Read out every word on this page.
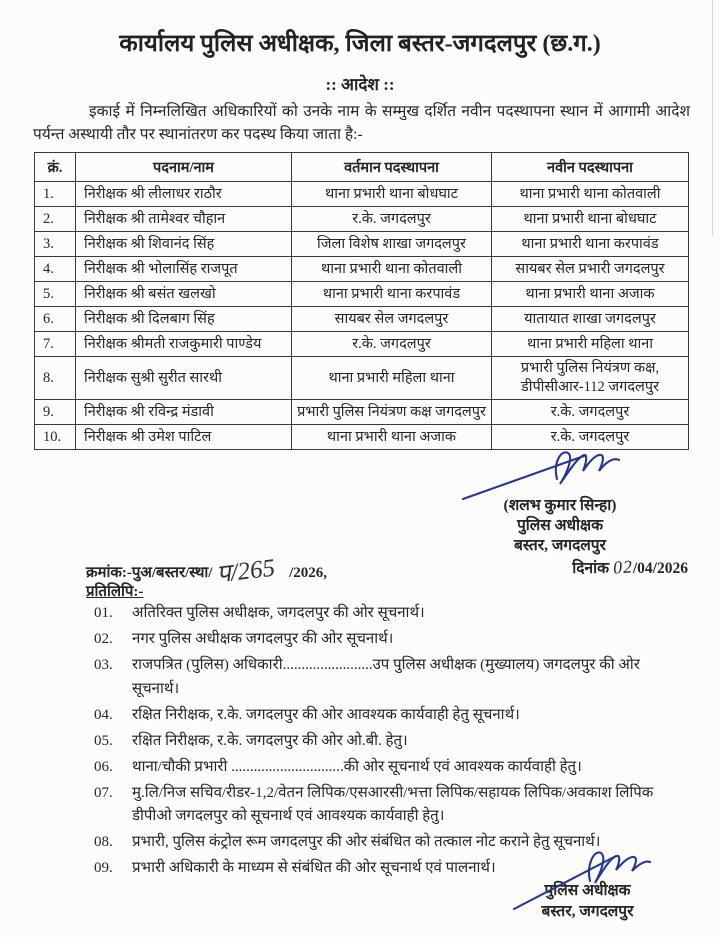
कार्यालय पुलिस अधीक्षक, जिला बस्तर-जगदलपुर (छ.ग.)
:: आदेश ::
इकाई में निम्नलिखित अधिकारियों को उनके नाम के सम्मुख दर्शित नवीन पदस्थापना स्थान में आगामी आदेश पर्यन्त अस्थायी तौर पर स्थानांतरण कर पदस्थ किया जाता है:-
क्रं.	पदनाम/नाम	वर्तमान पदस्थापना	नवीन पदस्थापना
1.	निरीक्षक श्री लीलाधर राठौर	थाना प्रभारी थाना बोधघाट	थाना प्रभारी थाना कोतवाली
2.	निरीक्षक श्री तामेश्वर चौहान	र.के. जगदलपुर	थाना प्रभारी थाना बोधघाट
3.	निरीक्षक श्री शिवानंद सिंह	जिला विशेष शाखा जगदलपुर	थाना प्रभारी थाना करपावंड
4.	निरीक्षक श्री भोलासिंह राजपूत	थाना प्रभारी थाना कोतवाली	सायबर सेल प्रभारी जगदलपुर
5.	निरीक्षक श्री बसंत खलखो	थाना प्रभारी थाना करपावंड	थाना प्रभारी थाना अजाक
6.	निरीक्षक श्री दिलबाग सिंह	सायबर सेल जगदलपुर	यातायात शाखा जगदलपुर
7.	निरीक्षक श्रीमती राजकुमारी पाण्डेय	र.के. जगदलपुर	थाना प्रभारी महिला थाना
8.	निरीक्षक सुश्री सुरीत सारथी	थाना प्रभारी महिला थाना	प्रभारी पुलिस नियंत्रण कक्ष, डीपीसीआर-112 जगदलपुर
9.	निरीक्षक श्री रविन्द्र मंडावी	प्रभारी पुलिस नियंत्रण कक्ष जगदलपुर	र.के. जगदलपुर
10.	निरीक्षक श्री उमेश पाटिल	थाना प्रभारी थाना अजाक	र.के. जगदलपुर
(शलभ कुमार सिन्हा)
पुलिस अधीक्षक
बस्तर, जगदलपुर
दिनांक 02/04/2026
क्रमांक:-पुअ/बस्तर/स्था/ प/265 /2026,
प्रतिलिपि:-
01. अतिरिक्त पुलिस अधीक्षक, जगदलपुर की ओर सूचनार्थ।
02. नगर पुलिस अधीक्षक जगदलपुर की ओर सूचनार्थ।
03. राजपत्रित (पुलिस) अधिकारी........................उप पुलिस अधीक्षक (मुख्यालय) जगदलपुर की ओर सूचनार्थ।
04. रक्षित निरीक्षक, र.के. जगदलपुर की ओर आवश्यक कार्यवाही हेतु सूचनार्थ।
05. रक्षित निरीक्षक, र.के. जगदलपुर की ओर ओ.बी. हेतु।
06. थाना/चौकी प्रभारी ..............................की ओर सूचनार्थ एवं आवश्यक कार्यवाही हेतु।
07. मु.लि/निज सचिव/रीडर-1,2/वेतन लिपिक/एसआरसी/भत्ता लिपिक/सहायक लिपिक/अवकाश लिपिक डीपीओ जगदलपुर को सूचनार्थ एवं आवश्यक कार्यवाही हेतु।
08. प्रभारी, पुलिस कंट्रोल रूम जगदलपुर की ओर संबंधित को तत्काल नोट कराने हेतु सूचनार्थ।
09. प्रभारी अधिकारी के माध्यम से संबंधित की ओर सूचनार्थ एवं पालनार्थ।
पुलिस अधीक्षक
बस्तर, जगदलपुर
